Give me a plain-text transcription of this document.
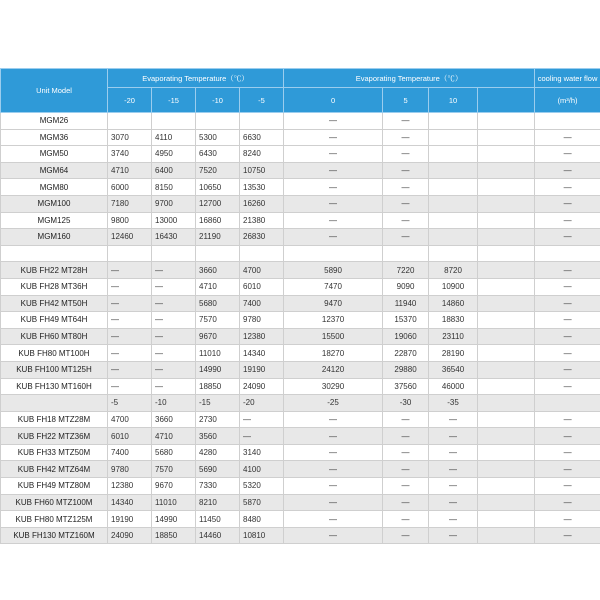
Unit Model	Evaporating Temperature（℃）				Evaporating Temperature（℃）				cooling water flow
	-20	-15	-10	-5	0	5	10		(m³/h)
MGM26					—	—			
MGM36	3070	4110	5300	6630	—	—			—
MGM50	3740	4950	6430	8240	—	—			—
MGM64	4710	6400	7520	10750	—	—			—
MGM80	6000	8150	10650	13530	—	—			—
MGM100	7180	9700	12700	16260	—	—			—
MGM125	9800	13000	16860	21380	—	—			—
MGM160	12460	16430	21190	26830	—	—			—

KUB FH22 MT28H	—	—	3660	4700	5890	7220	8720		—
KUB FH28 MT36H	—	—	4710	6010	7470	9090	10900		—
KUB FH42 MT50H	—	—	5680	7400	9470	11940	14860		—
KUB FH49 MT64H	—	—	7570	9780	12370	15370	18830		—
KUB FH60 MT80H	—	—	9670	12380	15500	19060	23110		—
KUB FH80 MT100H	—	—	11010	14340	18270	22870	28190		—
KUB FH100 MT125H	—	—	14990	19190	24120	29880	36540		—
KUB FH130 MT160H	—	—	18850	24090	30290	37560	46000		—
	-5	-10	-15	-20	-25	-30	-35		
KUB FH18 MTZ28M	4700	3660	2730	—	—	—	—		—
KUB FH22 MTZ36M	6010	4710	3560	—	—	—	—		—
KUB FH33 MTZ50M	7400	5680	4280	3140	—	—	—		—
KUB FH42 MTZ64M	9780	7570	5690	4100	—	—	—		—
KUB FH49 MTZ80M	12380	9670	7330	5320	—	—	—		—
KUB FH60 MTZ100M	14340	11010	8210	5870	—	—	—		—
KUB FH80 MTZ125M	19190	14990	11450	8480	—	—	—		—
KUB FH130 MTZ160M	24090	18850	14460	10810	—	—	—		—
